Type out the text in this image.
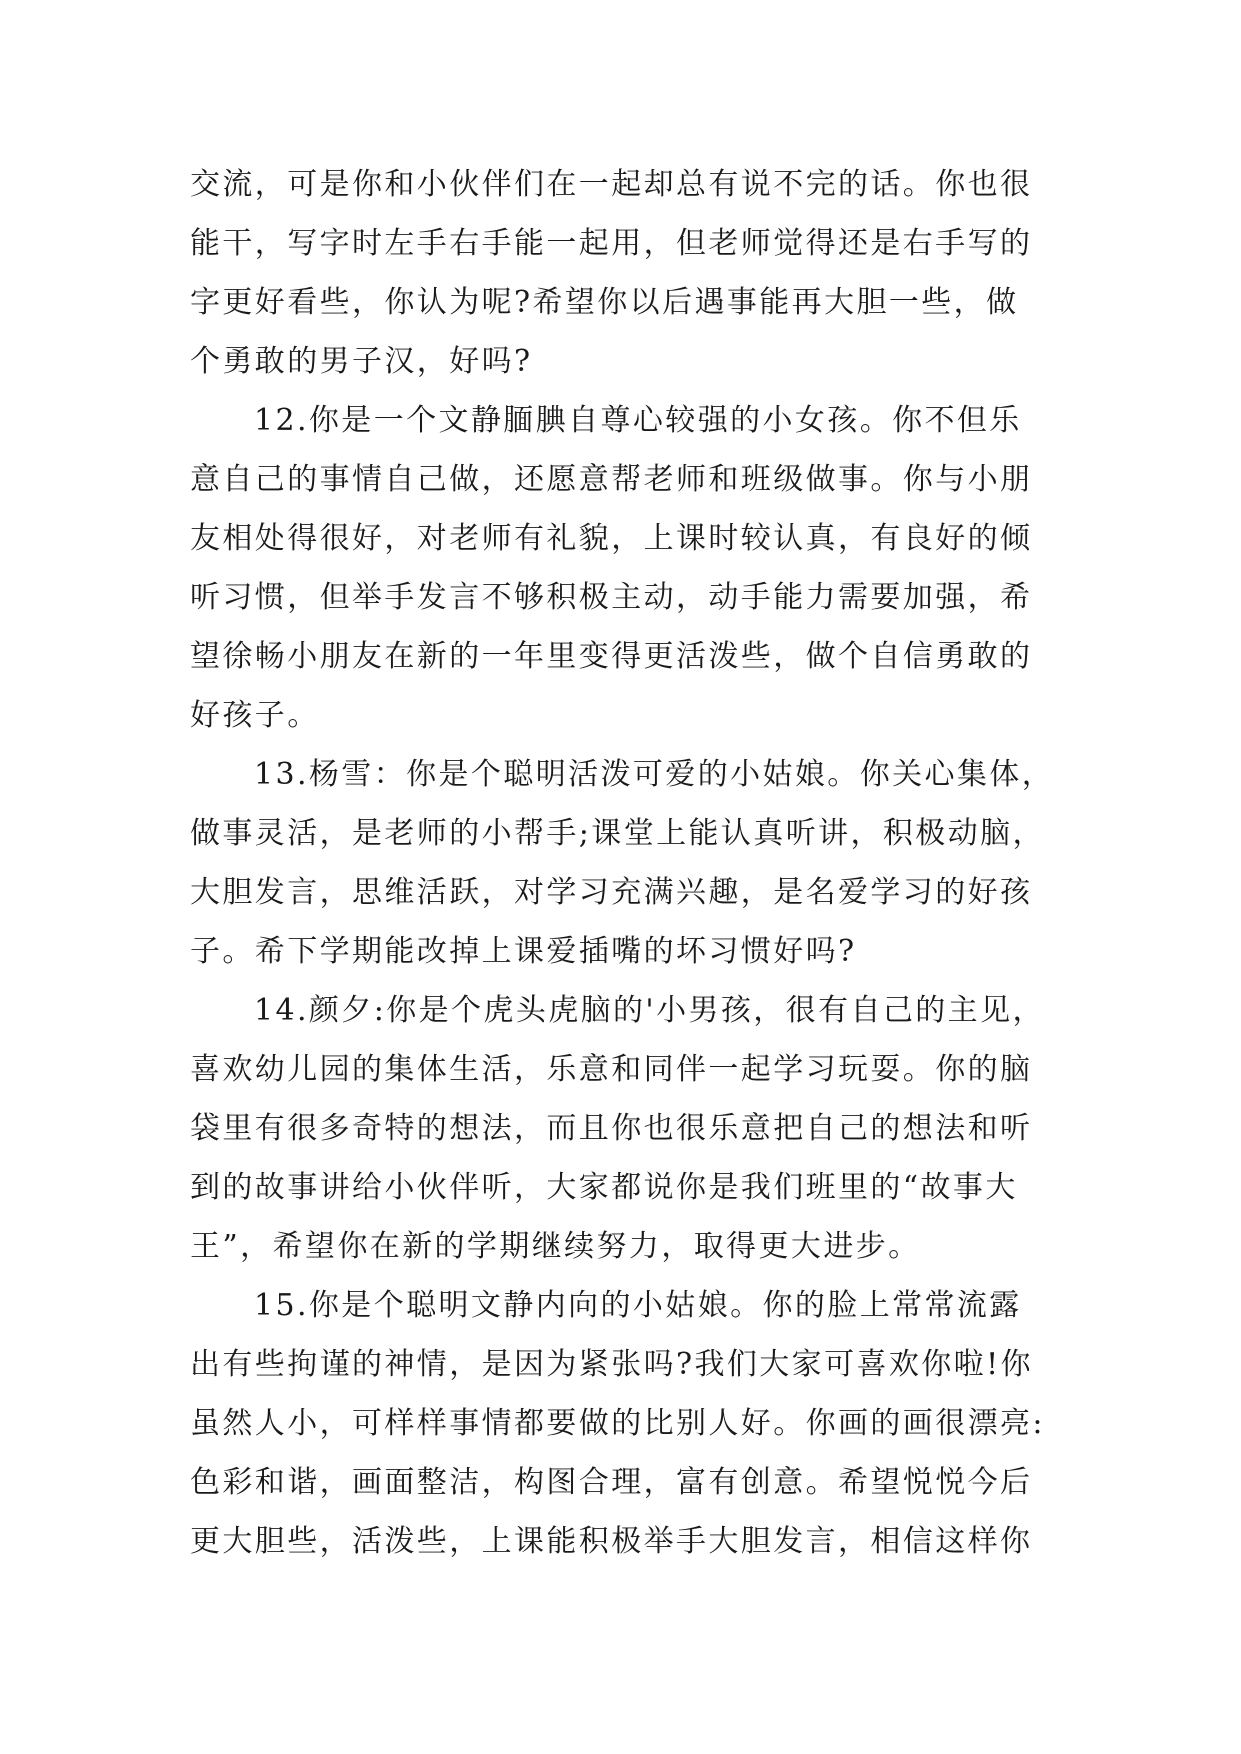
交流，可是你和小伙伴们在一起却总有说不完的话。你也很
能干，写字时左手右手能一起用，但老师觉得还是右手写的
字更好看些，你认为呢?希望你以后遇事能再大胆一些，做
个勇敢的男子汉，好吗?
12.你是一个文静腼腆自尊心较强的小女孩。你不但乐
意自己的事情自己做，还愿意帮老师和班级做事。你与小朋
友相处得很好，对老师有礼貌，上课时较认真，有良好的倾
听习惯，但举手发言不够积极主动，动手能力需要加强，希
望徐畅小朋友在新的一年里变得更活泼些，做个自信勇敢的
好孩子。
13.杨雪：你是个聪明活泼可爱的小姑娘。你关心集体，
做事灵活，是老师的小帮手;课堂上能认真听讲，积极动脑，
大胆发言，思维活跃，对学习充满兴趣，是名爱学习的好孩
子。希下学期能改掉上课爱插嘴的坏习惯好吗?
14.颜夕:你是个虎头虎脑的'小男孩，很有自己的主见，
喜欢幼儿园的集体生活，乐意和同伴一起学习玩耍。你的脑
袋里有很多奇特的想法，而且你也很乐意把自己的想法和听
到的故事讲给小伙伴听，大家都说你是我们班里的“故事大
王”，希望你在新的学期继续努力，取得更大进步。
15.你是个聪明文静内向的小姑娘。你的脸上常常流露
出有些拘谨的神情，是因为紧张吗?我们大家可喜欢你啦!你
虽然人小，可样样事情都要做的比别人好。你画的画很漂亮:
色彩和谐，画面整洁，构图合理，富有创意。希望悦悦今后
更大胆些，活泼些，上课能积极举手大胆发言，相信这样你
